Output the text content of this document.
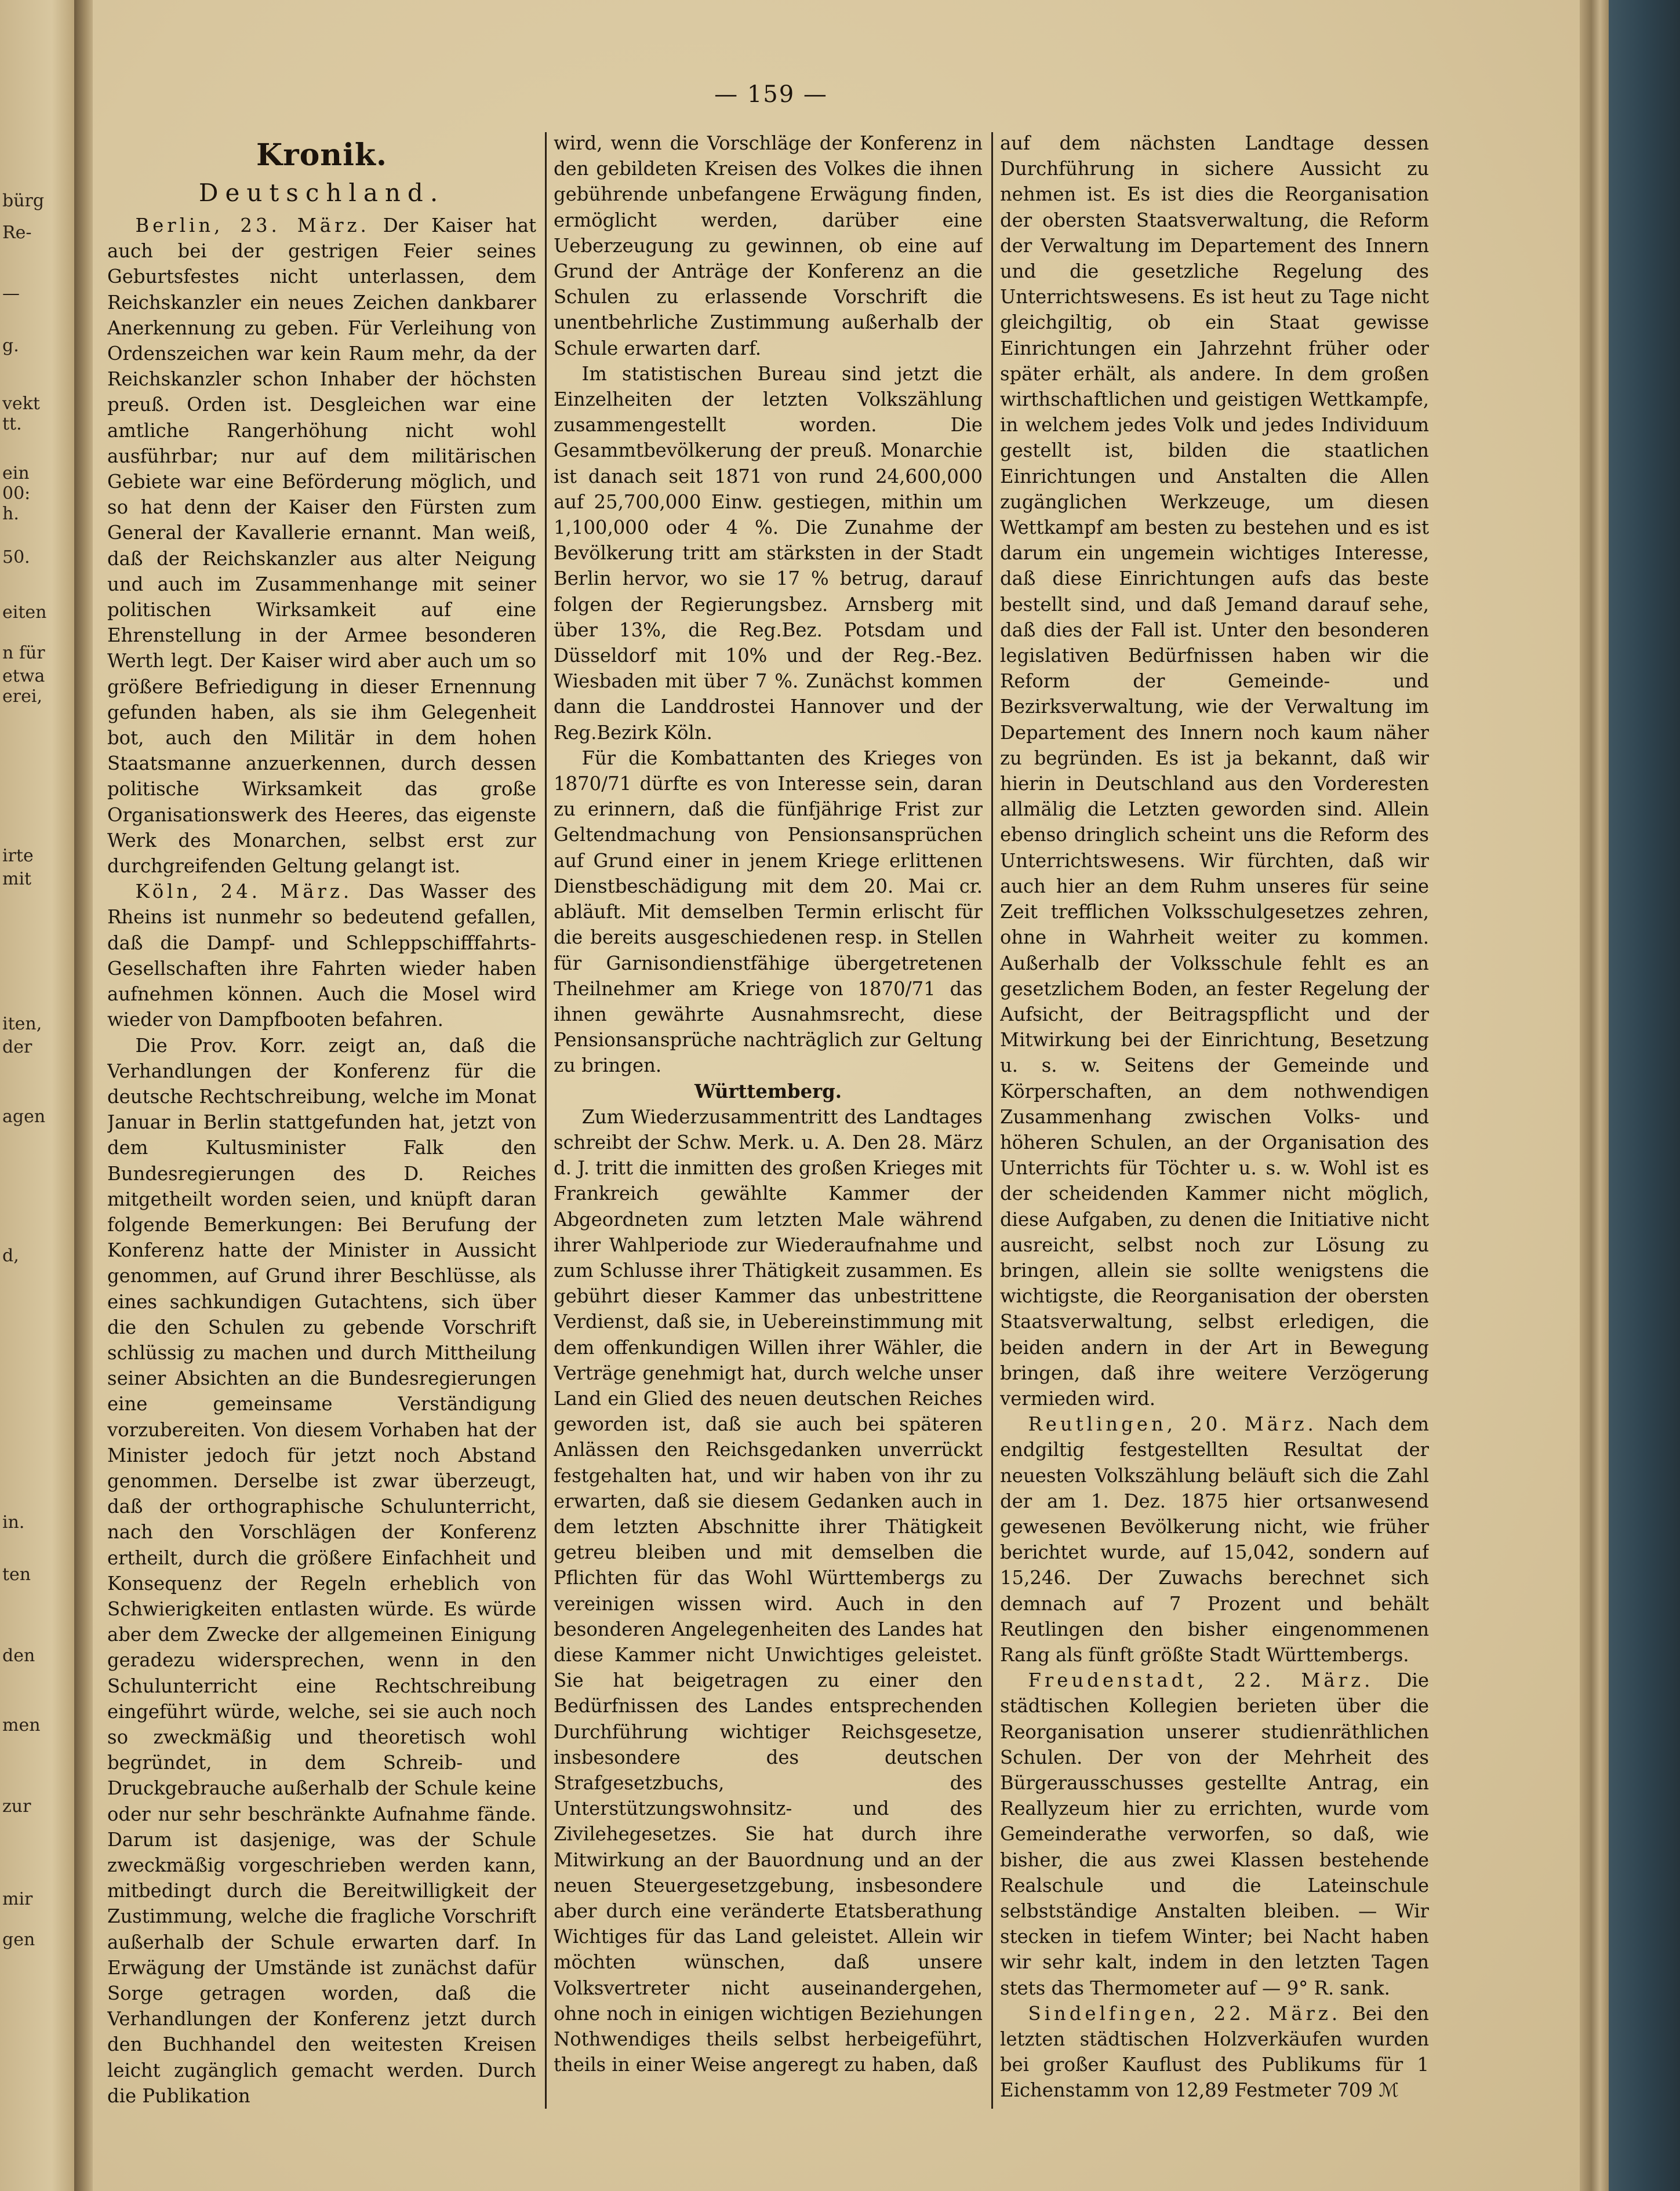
bürg
Re-
—
g.
vekt
tt.
ein
00:
h.
50.
eiten
n für
etwa
erei,
irte
mit
iten,
der
agen
d,
in.
ten
den
men
zur
mir
gen
— 159 —
Kronik.
Deutschland.

Berlin, 23. März. Der Kaiser hat auch bei der gestrigen Feier seines Geburtsfestes nicht unterlassen, dem Reichskanzler ein neues Zeichen dankbarer Anerkennung zu geben. Für Verleihung von Ordenszeichen war kein Raum mehr, da der Reichskanzler schon Inhaber der höchsten preuß. Orden ist. Desgleichen war eine amtliche Rangerhöhung nicht wohl ausführbar; nur auf dem militärischen Gebiete war eine Beförderung möglich, und so hat denn der Kaiser den Fürsten zum General der Kavallerie ernannt. Man weiß, daß der Reichskanzler aus alter Neigung und auch im Zusammenhange mit seiner politischen Wirksamkeit auf eine Ehrenstellung in der Armee besonderen Werth legt. Der Kaiser wird aber auch um so größere Befriedigung in dieser Ernennung gefunden haben, als sie ihm Gelegenheit bot, auch den Militär in dem hohen Staatsmanne anzuerkennen, durch dessen politische Wirksamkeit das große Organisationswerk des Heeres, das eigenste Werk des Monarchen, selbst erst zur durchgreifenden Geltung gelangt ist.

Köln, 24. März. Das Wasser des Rheins ist nunmehr so bedeutend gefallen, daß die Dampf- und Schleppschifffahrts-Gesellschaften ihre Fahrten wieder haben aufnehmen können. Auch die Mosel wird wieder von Dampfbooten befahren.

Die Prov. Korr. zeigt an, daß die Verhandlungen der Konferenz für die deutsche Rechtschreibung, welche im Monat Januar in Berlin stattgefunden hat, jetzt von dem Kultusminister Falk den Bundesregierungen des D. Reiches mitgetheilt worden seien, und knüpft daran folgende Bemerkungen: Bei Berufung der Konferenz hatte der Minister in Aussicht genommen, auf Grund ihrer Beschlüsse, als eines sachkundigen Gutachtens, sich über die den Schulen zu gebende Vorschrift schlüssig zu machen und durch Mittheilung seiner Absichten an die Bundesregierungen eine gemeinsame Verständigung vorzubereiten. Von diesem Vorhaben hat der Minister jedoch für jetzt noch Abstand genommen. Derselbe ist zwar überzeugt, daß der orthographische Schulunterricht, nach den Vorschlägen der Konferenz ertheilt, durch die größere Einfachheit und Konsequenz der Regeln erheblich von Schwierigkeiten entlasten würde. Es würde aber dem Zwecke der allgemeinen Einigung geradezu widersprechen, wenn in den Schulunterricht eine Rechtschreibung eingeführt würde, welche, sei sie auch noch so zweckmäßig und theoretisch wohl begründet, in dem Schreib- und Druckgebrauche außerhalb der Schule keine oder nur sehr beschränkte Aufnahme fände. Darum ist dasjenige, was der Schule zweckmäßig vorgeschrieben werden kann, mitbedingt durch die Bereitwilligkeit der Zustimmung, welche die fragliche Vorschrift außerhalb der Schule erwarten darf. In Erwägung der Umstände ist zunächst dafür Sorge getragen worden, daß die Verhandlungen der Konferenz jetzt durch den Buchhandel den weitesten Kreisen leicht zugänglich gemacht werden. Durch die Publikation

wird, wenn die Vorschläge der Konferenz in den gebildeten Kreisen des Volkes die ihnen gebührende unbefangene Erwägung finden, ermöglicht werden, darüber eine Ueberzeugung zu gewinnen, ob eine auf Grund der Anträge der Konferenz an die Schulen zu erlassende Vorschrift die unentbehrliche Zustimmung außerhalb der Schule erwarten darf.

Im statistischen Bureau sind jetzt die Einzelheiten der letzten Volkszählung zusammengestellt worden. Die Gesammtbevölkerung der preuß. Monarchie ist danach seit 1871 von rund 24,600,000 auf 25,700,000 Einw. gestiegen, mithin um 1,100,000 oder 4 %. Die Zunahme der Bevölkerung tritt am stärksten in der Stadt Berlin hervor, wo sie 17 % betrug, darauf folgen der Regierungsbez. Arnsberg mit über 13%, die Reg.Bez. Potsdam und Düsseldorf mit 10% und der Reg.-Bez. Wiesbaden mit über 7 %. Zunächst kommen dann die Landdrostei Hannover und der Reg.Bezirk Köln.

Für die Kombattanten des Krieges von 1870/71 dürfte es von Interesse sein, daran zu erinnern, daß die fünfjährige Frist zur Geltendmachung von Pensionsansprüchen auf Grund einer in jenem Kriege erlittenen Dienstbeschädigung mit dem 20. Mai cr. abläuft. Mit demselben Termin erlischt für die bereits ausgeschiedenen resp. in Stellen für Garnisondienstfähige übergetretenen Theilnehmer am Kriege von 1870/71 das ihnen gewährte Ausnahmsrecht, diese Pensionsansprüche nachträglich zur Geltung zu bringen.

Württemberg.

Zum Wiederzusammentritt des Landtages schreibt der Schw. Merk. u. A. Den 28. März d. J. tritt die inmitten des großen Krieges mit Frankreich gewählte Kammer der Abgeordneten zum letzten Male während ihrer Wahlperiode zur Wiederaufnahme und zum Schlusse ihrer Thätigkeit zusammen. Es gebührt dieser Kammer das unbestrittene Verdienst, daß sie, in Uebereinstimmung mit dem offenkundigen Willen ihrer Wähler, die Verträge genehmigt hat, durch welche unser Land ein Glied des neuen deutschen Reiches geworden ist, daß sie auch bei späteren Anlässen den Reichsgedanken unverrückt festgehalten hat, und wir haben von ihr zu erwarten, daß sie diesem Gedanken auch in dem letzten Abschnitte ihrer Thätigkeit getreu bleiben und mit demselben die Pflichten für das Wohl Württembergs zu vereinigen wissen wird. Auch in den besonderen Angelegenheiten des Landes hat diese Kammer nicht Unwichtiges geleistet. Sie hat beigetragen zu einer den Bedürfnissen des Landes entsprechenden Durchführung wichtiger Reichsgesetze, insbesondere des deutschen Strafgesetzbuchs, des Unterstützungswohnsitz- und des Zivilehegesetzes. Sie hat durch ihre Mitwirkung an der Bauordnung und an der neuen Steuergesetzgebung, insbesondere aber durch eine veränderte Etatsberathung Wichtiges für das Land geleistet. Allein wir möchten wünschen, daß unsere Volksvertreter nicht auseinandergehen, ohne noch in einigen wichtigen Beziehungen Nothwendiges theils selbst herbeigeführt, theils in einer Weise angeregt zu haben, daß

auf dem nächsten Landtage dessen Durchführung in sichere Aussicht zu nehmen ist. Es ist dies die Reorganisation der obersten Staatsverwaltung, die Reform der Verwaltung im Departement des Innern und die gesetzliche Regelung des Unterrichtswesens. Es ist heut zu Tage nicht gleichgiltig, ob ein Staat gewisse Einrichtungen ein Jahrzehnt früher oder später erhält, als andere. In dem großen wirthschaftlichen und geistigen Wettkampfe, in welchem jedes Volk und jedes Individuum gestellt ist, bilden die staatlichen Einrichtungen und Anstalten die Allen zugänglichen Werkzeuge, um diesen Wettkampf am besten zu bestehen und es ist darum ein ungemein wichtiges Interesse, daß diese Einrichtungen aufs das beste bestellt sind, und daß Jemand darauf sehe, daß dies der Fall ist. Unter den besonderen legislativen Bedürfnissen haben wir die Reform der Gemeinde- und Bezirksverwaltung, wie der Verwaltung im Departement des Innern noch kaum näher zu begründen. Es ist ja bekannt, daß wir hierin in Deutschland aus den Vorderesten allmälig die Letzten geworden sind. Allein ebenso dringlich scheint uns die Reform des Unterrichtswesens. Wir fürchten, daß wir auch hier an dem Ruhm unseres für seine Zeit trefflichen Volksschulgesetzes zehren, ohne in Wahrheit weiter zu kommen. Außerhalb der Volksschule fehlt es an gesetzlichem Boden, an fester Regelung der Aufsicht, der Beitragspflicht und der Mitwirkung bei der Einrichtung, Besetzung u. s. w. Seitens der Gemeinde und Körperschaften, an dem nothwendigen Zusammenhang zwischen Volks- und höheren Schulen, an der Organisation des Unterrichts für Töchter u. s. w. Wohl ist es der scheidenden Kammer nicht möglich, diese Aufgaben, zu denen die Initiative nicht ausreicht, selbst noch zur Lösung zu bringen, allein sie sollte wenigstens die wichtigste, die Reorganisation der obersten Staatsverwaltung, selbst erledigen, die beiden andern in der Art in Bewegung bringen, daß ihre weitere Verzögerung vermieden wird.

Reutlingen, 20. März. Nach dem endgiltig festgestellten Resultat der neuesten Volkszählung beläuft sich die Zahl der am 1. Dez. 1875 hier ortsanwesend gewesenen Bevölkerung nicht, wie früher berichtet wurde, auf 15,042, sondern auf 15,246. Der Zuwachs berechnet sich demnach auf 7 Prozent und behält Reutlingen den bisher eingenommenen Rang als fünft größte Stadt Württembergs.

Freudenstadt, 22. März. Die städtischen Kollegien berieten über die Reorganisation unserer studienräthlichen Schulen. Der von der Mehrheit des Bürgerausschusses gestellte Antrag, ein Reallyzeum hier zu errichten, wurde vom Gemeinderathe verworfen, so daß, wie bisher, die aus zwei Klassen bestehende Realschule und die Lateinschule selbstständige Anstalten bleiben. — Wir stecken in tiefem Winter; bei Nacht haben wir sehr kalt, indem in den letzten Tagen stets das Thermometer auf — 9° R. sank.

Sindelfingen, 22. März. Bei den letzten städtischen Holzverkäufen wurden bei großer Kauflust des Publikums für 1 Eichenstamm von 12,89 Festmeter 709 ℳ
